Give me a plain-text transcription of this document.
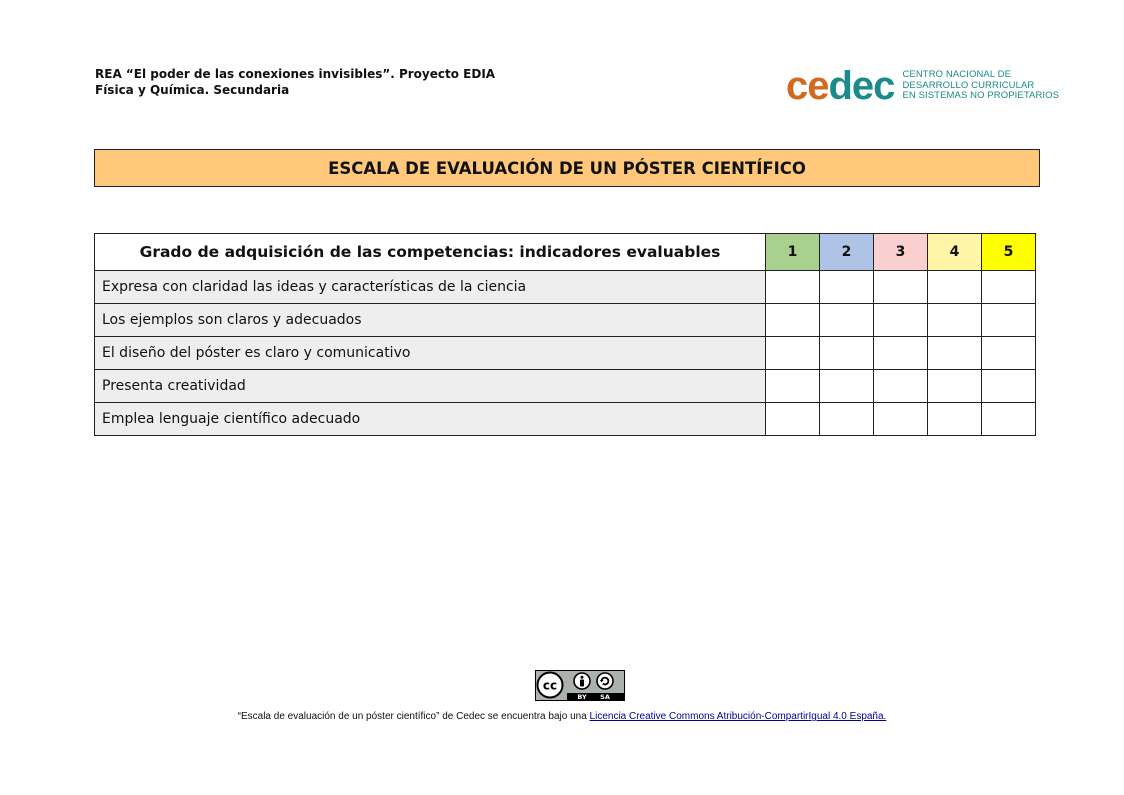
REA “El poder de las conexiones invisibles”. Proyecto EDIA
Física y Química. Secundaria	cedec CENTRO NACIONAL DE
DESARROLLO CURRICULAR
EN SISTEMAS NO PROPIETARIOS
ESCALA DE EVALUACIÓN DE UN PÓSTER CIENTÍFICO
Grado de adquisición de las competencias: indicadores evaluables	1	2	3	4	5
Expresa con claridad las ideas y características de la ciencia					
Los ejemplos son claros y adecuados					
El diseño del póster es claro y comunicativo					
Presenta creatividad					
Emplea lenguaje científico adecuado					
cc
BY SA
“Escala de evaluación de un póster científico” de Cedec se encuentra bajo una Licencia Creative Commons Atribución-CompartirIgual 4.0 España.
